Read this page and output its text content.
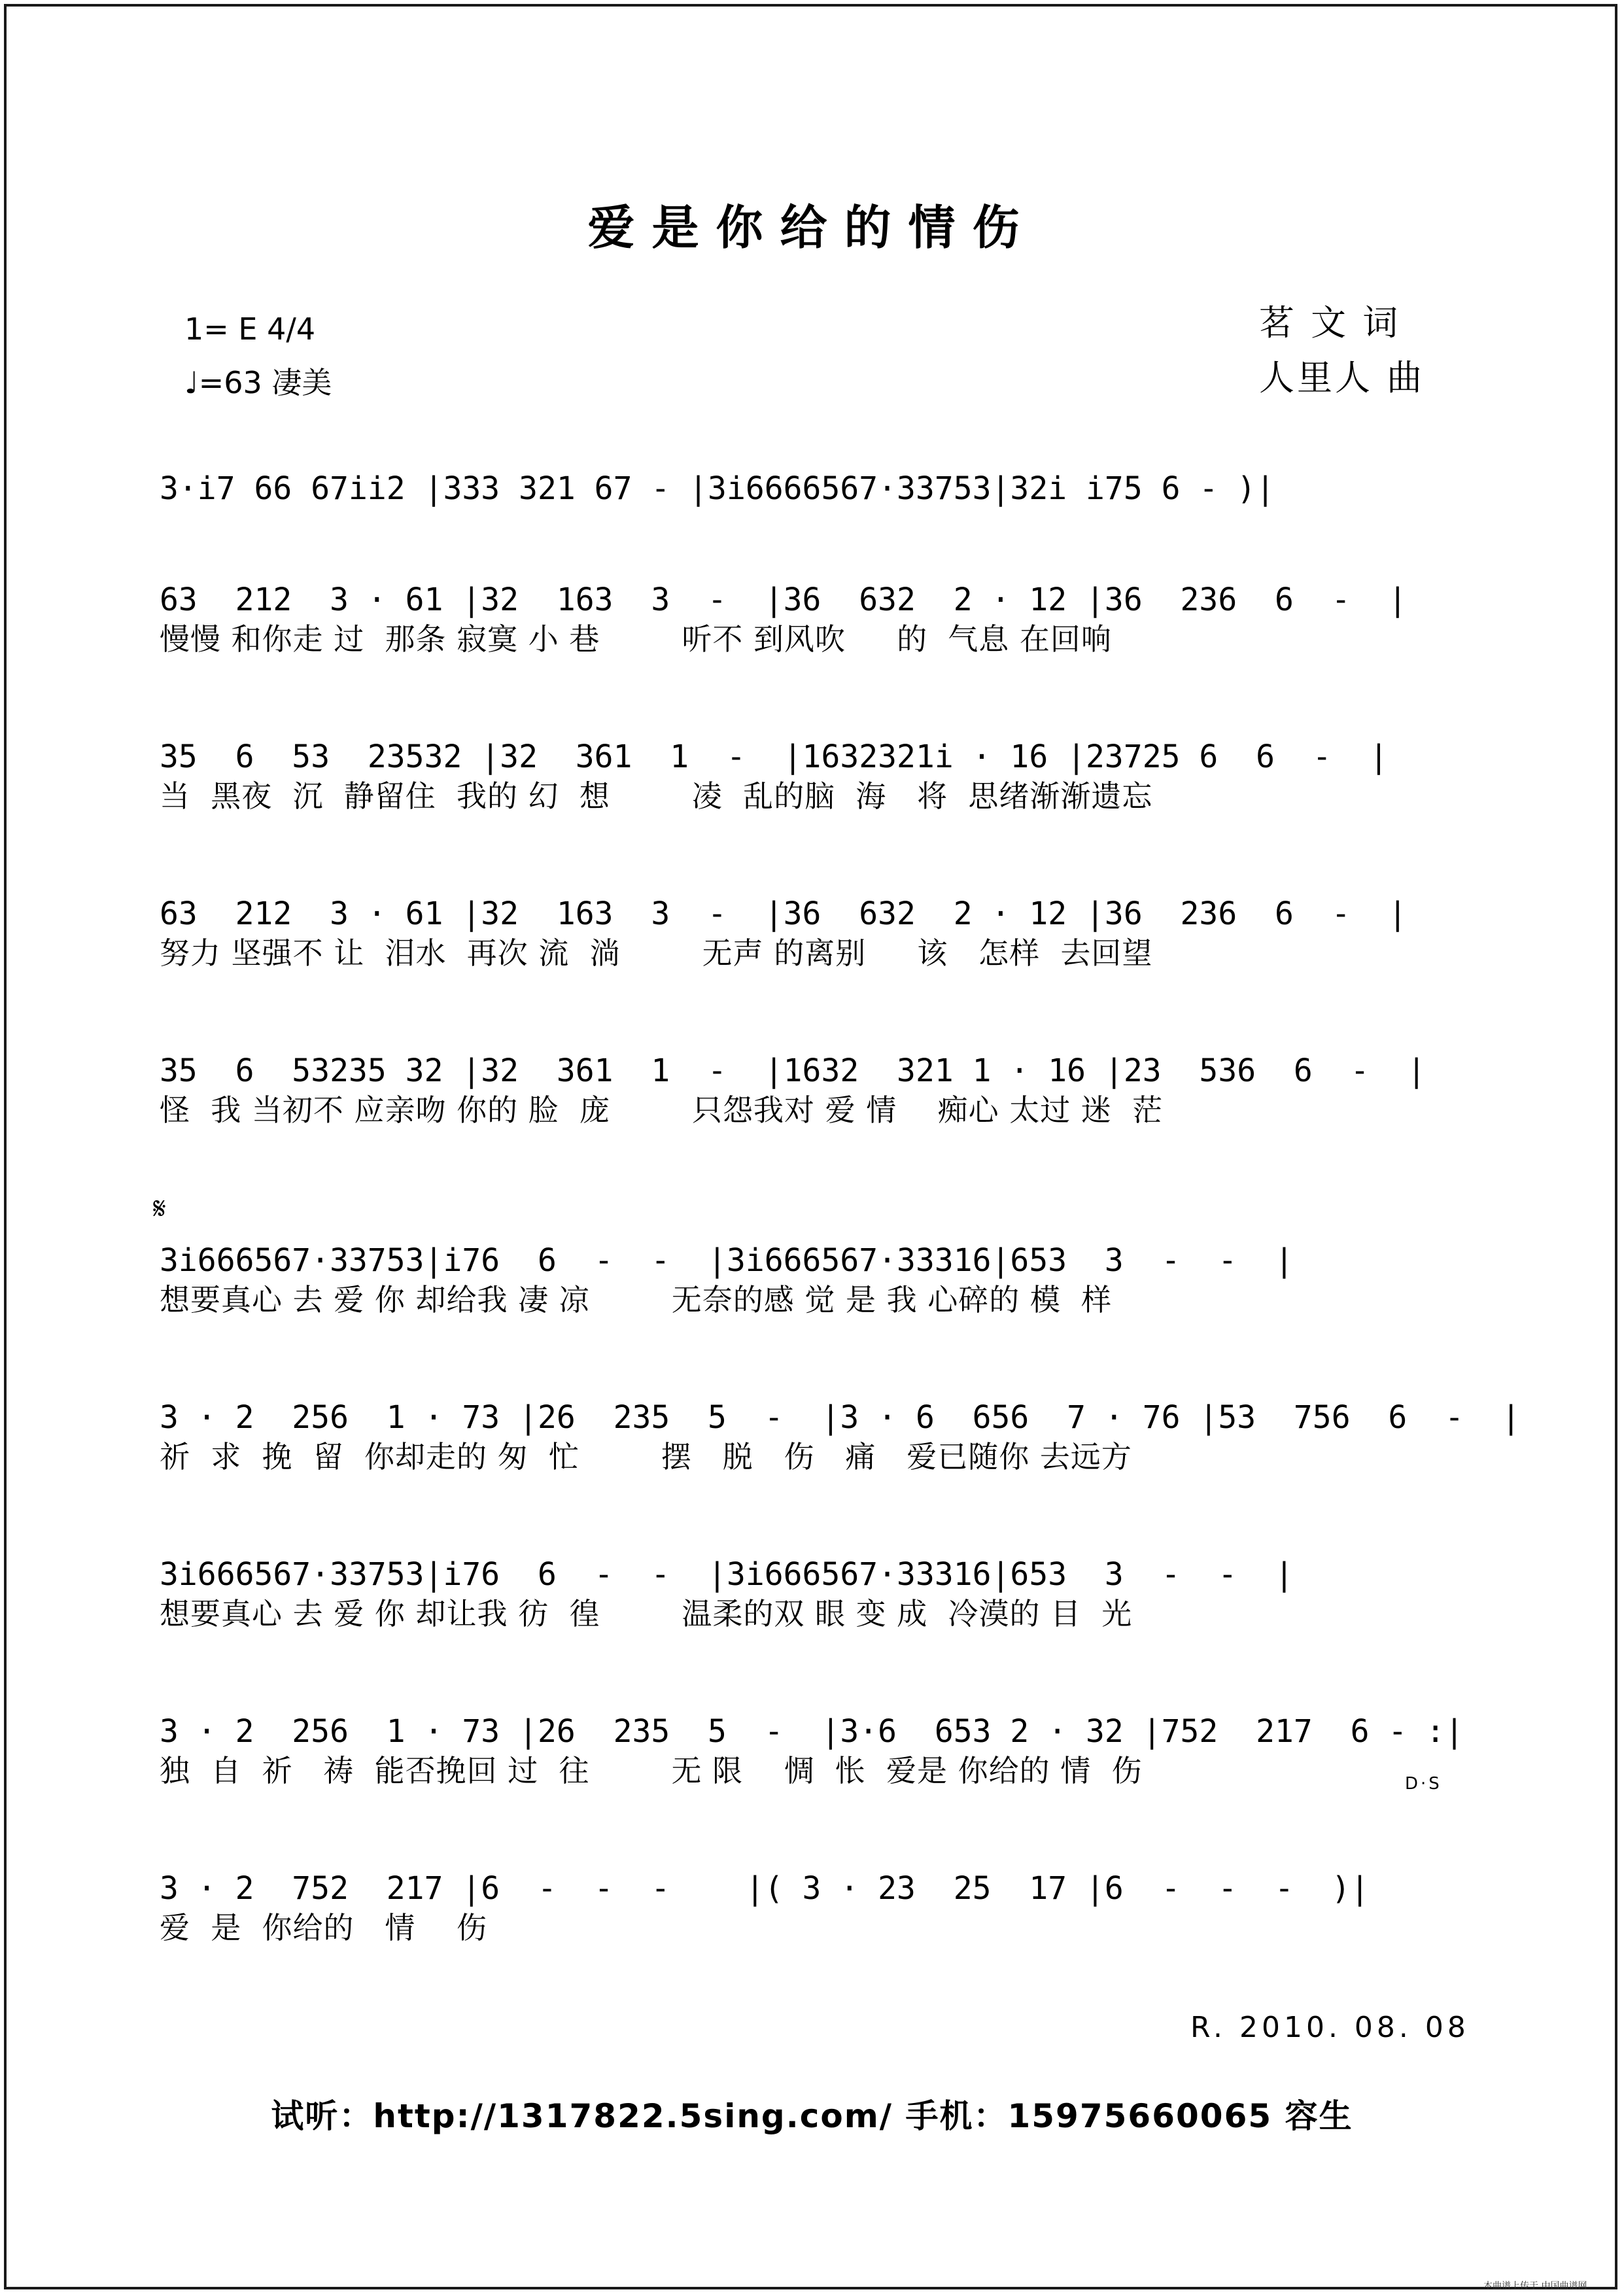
爱是你给的情伤
1= E 4/4
♩=63 凄美
茗 文 词
人里人 曲
3·i7 66 67ii2 |333 321 67 - |3i6666567·33753|32i i75 6 - )|
63  212  3 · 61 |32  163  3  -  |36  632  2 · 12 |36  236  6  -  |
慢慢 和你走 过  那条 寂寞 小 巷        听不 到风吹     的  气息 在回响
35  6  53  23532 |32  361  1  -  |1632321i · 16 |23725 6  6  -  |
当  黑夜  沉  静留住  我的 幻  想        凌  乱的脑  海   将  思绪渐渐遗忘
63  212  3 · 61 |32  163  3  -  |36  632  2 · 12 |36  236  6  -  |
努力 坚强不 让  泪水  再次 流  淌        无声 的离别     该   怎样  去回望
35  6  53235 32 |32  361  1  -  |1632  321 1 · 16 |23  536  6  -  |
怪  我 当初不 应亲吻 你的 脸  庞        只怨我对 爱 情    痴心 太过 迷  茫
𝄋
3i666567·33753|i76  6  -  -  |3i666567·33316|653  3  -  -  |
想要真心 去 爱 你 却给我 凄 凉        无奈的感 觉 是 我 心碎的 模  样
3 · 2  256  1 · 73 |26  235  5  -  |3 · 6  656  7 · 76 |53  756  6  -  |
祈  求  挽  留  你却走的 匆  忙        摆   脱   伤   痛   爱已随你 去远方
3i666567·33753|i76  6  -  -  |3i666567·33316|653  3  -  -  |
想要真心 去 爱 你 却让我 彷  徨        温柔的双 眼 变 成  冷漠的 目  光
3 · 2  256  1 · 73 |26  235  5  -  |3·6  653 2 · 32 |752  217  6 - :|
独  自  祈   祷  能否挽回 过  往        无 限    惆  怅  爱是 你给的 情  伤	D·S
3 · 2  752  217 |6  -  -  -    |( 3 · 23  25  17 |6  -  -  -  )|
爱  是  你给的   情    伤
R. 2010. 08. 08
试听：http://1317822.5sing.com/ 手机：15975660065 容生
本曲谱上传于 中国曲谱网
